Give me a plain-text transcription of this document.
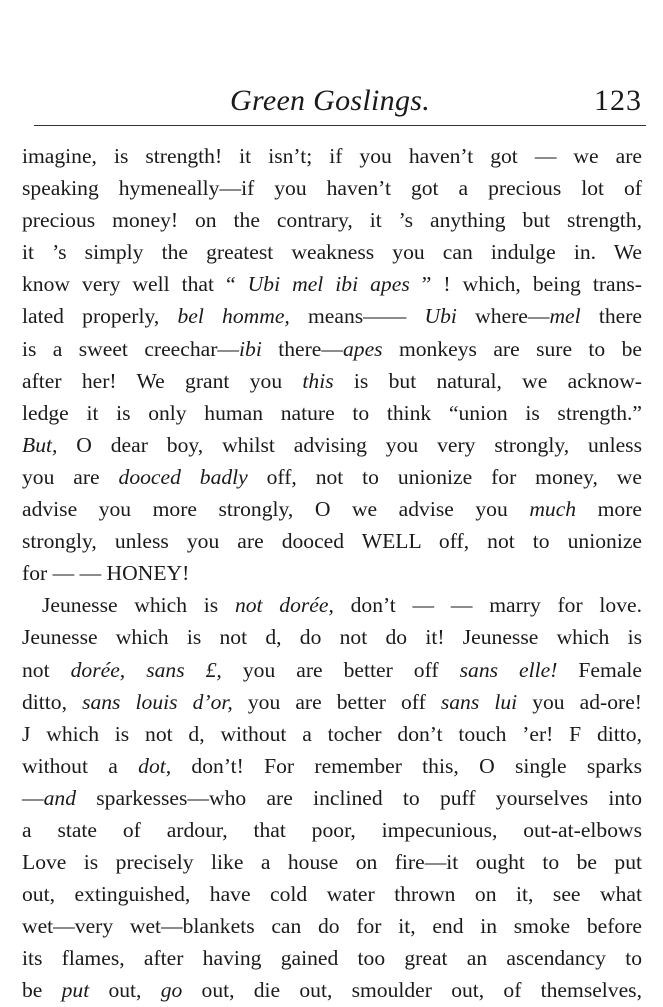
Green Goslings.	123
imagine, is strength! it isn’t; if you haven’t got — we are
speaking hymeneally—if you haven’t got a precious lot of
precious money! on the contrary, it ’s anything but strength,
it ’s simply the greatest weakness you can indulge in. We
know very well that “ Ubi mel ibi apes ” ! which, being trans-
lated properly, bel homme, means—— Ubi where—mel there
is a sweet creechar—ibi there—apes monkeys are sure to be
after her! We grant you this is but natural, we acknow-
ledge it is only human nature to think “union is strength.”
But, O dear boy, whilst advising you very strongly, unless
you are dooced badly off, not to unionize for money, we
advise you more strongly, O we advise you much more
strongly, unless you are dooced WELL off, not to unionize
for — — HONEY!
Jeunesse which is not dorée, don’t — — marry for love.
Jeunesse which is not d, do not do it! Jeunesse which is
not dorée, sans £, you are better off sans elle! Female
ditto, sans louis d’or, you are better off sans lui you ad-ore!
J which is not d, without a tocher don’t touch ’er! F ditto,
without a dot, don’t! For remember this, O single sparks
—and sparkesses—who are inclined to puff yourselves into
a state of ardour, that poor, impecunious, out-at-elbows
Love is precisely like a house on fire—it ought to be put
out, extinguished, have cold water thrown on it, see what
wet—very wet—blankets can do for it, end in smoke before
its flames, after having gained too great an ascendancy to
be put out, go out, die out, smoulder out, of themselves,
